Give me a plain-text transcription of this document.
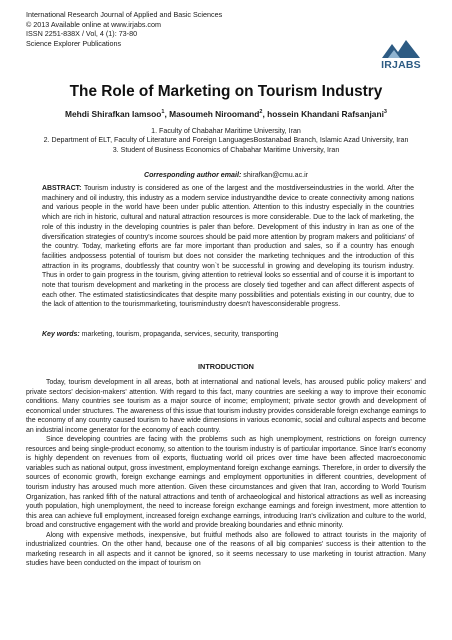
International Research Journal of Applied and Basic Sciences
© 2013 Available online at www.irjabs.com
ISSN 2251-838X / Vol, 4 (1): 73-80
Science Explorer Publications
IRJABS
The Role of Marketing on Tourism Industry
Mehdi Shirafkan Iamsoo$^1$, Masoumeh Niroomand$^2$, hossein Khandani Rafsanjani$^3$
1. Faculty of Chabahar Maritime University, Iran
2. Department of ELT, Faculty of Literature and Foreign LanguagesBostanabad Branch, Islamic Azad University, Iran
3. Student of Business Economics of Chabahar Maritime University, Iran
Corresponding author email: shirafkan@cmu.ac.ir
ABSTRACT: Tourism industry is considered as one of the largest and the mostdiverseindustries in the world. After the machinery and oil industry, this industry as a modern service industryandthe device to create connectivity among nations and various people in the world have been under public attention. Attention to this industry especially in the countries which are rich in historic, cultural and natural attraction resources is more considerable. Due to the lack of marketing, the role of this industry in the developing countries is paler than before. Development of this industry in Iran as one of the diversification strategies of country's income sources should be paid more attention by program makers and politicians' of the country. Today, marketing efforts are far more important than production and sales, so if a country has enough facilities andpossess potential of tourism but does not consider the marketing techniques and the introduction of this attraction in its programs, doubtlessly that country won`t be successful in growing and developing its tourism industry. Thus in order to gain progress in the tourism, giving attention to retrieval looks so essential and of course it is important to note that tourism development and marketing in the process are closely tied together and can affect different aspects of each other. The estimated statisticsindicates that despite many possibilities and potentials existing in our country, due to the lack of attention to the tourismmarketing, tourismindustry doesn't havesconsiderable progress.
Key words: marketing, tourism, propaganda, services, security, transporting
INTRODUCTION

Today, tourism development in all areas, both at international and national levels, has aroused public policy makers' and private sectors' decision-makers' attention. With regard to this fact, many countries are seeking a way to improve their economic conditions. Many countries see tourism as a major source of income; employment; private sector growth and development of economical under structures. The awareness of this issue that tourism industry provides considerable foreign exchange earnings to the economy of any country caused tourism to have wide dimensions in various economic, social and cultural aspects and become an industrial income generator for the economy of each country.

Since developing countries are facing with the problems such as high unemployment, restrictions on foreign currency resources and being single-product economy, so attention to the tourism industry is of particular importance. Since Iran's economy is highly dependent on revenues from oil exports, fluctuating world oil prices over time have been affected macroeconomic variables such as national output, gross investment, employmentand foreign exchange earnings. Therefore, in order to diversify the sources of economic growth, foreign exchange earnings and employment opportunities in different countries, development of tourism industry has aroused much more attention. Given these circumstances and given that Iran, according to World Tourism Organization, has ranked fifth of the natural attractions and tenth of archaeological and historical attractions as well as increasing youth population, high unemployment, the need to increase foreign exchange earnings and foreign investment, more attention to this area can achieve full employment, increased foreign exchange earnings, introducing Iran's civilization and culture to the world, broad and constructive engagement with the world and provide breaking boundaries and ethnic minority.

Along with expensive methods, inexpensive, but fruitful methods also are followed to attract tourists in the majority of industrialized countries. On the other hand, because one of the reasons of all big companies' success is their attention to the marketing research in all aspects and it cannot be ignored, so it seems necessary to use marketing in tourist attraction. Many studies have been conducted on the impact of tourism on
